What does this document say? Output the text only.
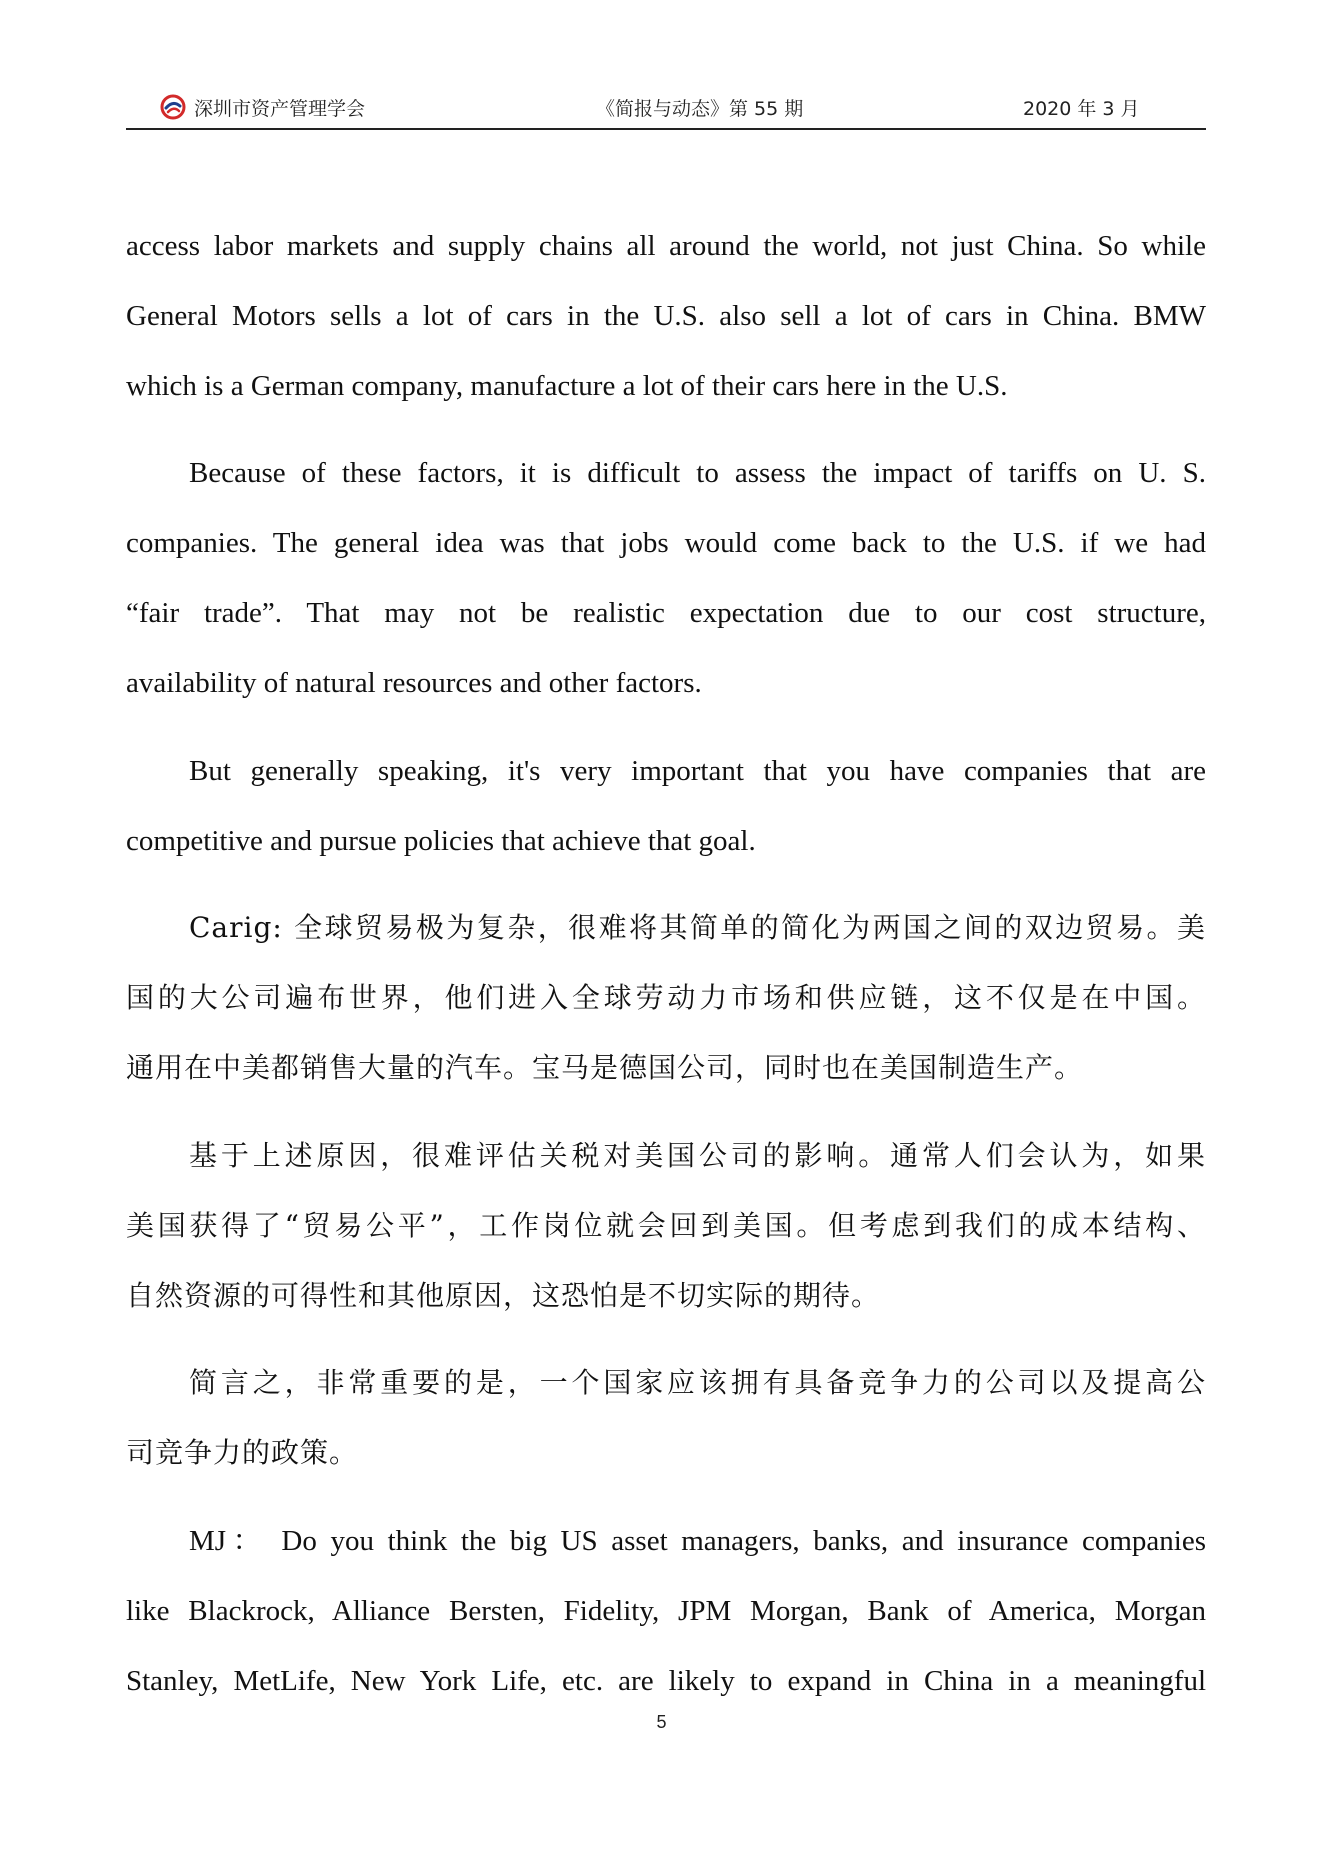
深圳市资产管理学会	《简报与动态》第 55 期	2020 年 3 月
access labor markets and supply chains all around the world, not just China. So while
General Motors sells a lot of cars in the U.S. also sell a lot of cars in China. BMW
which is a German company, manufacture a lot of their cars here in the U.S.
Because of these factors, it is difficult to assess the impact of tariffs on U. S.
companies. The general idea was that jobs would come back to the U.S. if we had
“fair trade”. That may not be realistic expectation due to our cost structure,
availability of natural resources and other factors.
But generally speaking, it's very important that you have companies that are
competitive and pursue policies that achieve that goal.
Carig: 全球贸易极为复杂，很难将其简单的简化为两国之间的双边贸易。美
国的大公司遍布世界，他们进入全球劳动力市场和供应链，这不仅是在中国。
通用在中美都销售大量的汽车。宝马是德国公司，同时也在美国制造生产。
基于上述原因，很难评估关税对美国公司的影响。通常人们会认为，如果
美国获得了“贸易公平”，工作岗位就会回到美国。但考虑到我们的成本结构、
自然资源的可得性和其他原因，这恐怕是不切实际的期待。
简言之，非常重要的是，一个国家应该拥有具备竞争力的公司以及提高公
司竞争力的政策。
MJ： Do you think the big US asset managers, banks, and insurance companies
like Blackrock, Alliance Bersten, Fidelity, JPM Morgan, Bank of America, Morgan
Stanley, MetLife, New York Life, etc. are likely to expand in China in a meaningful
5
